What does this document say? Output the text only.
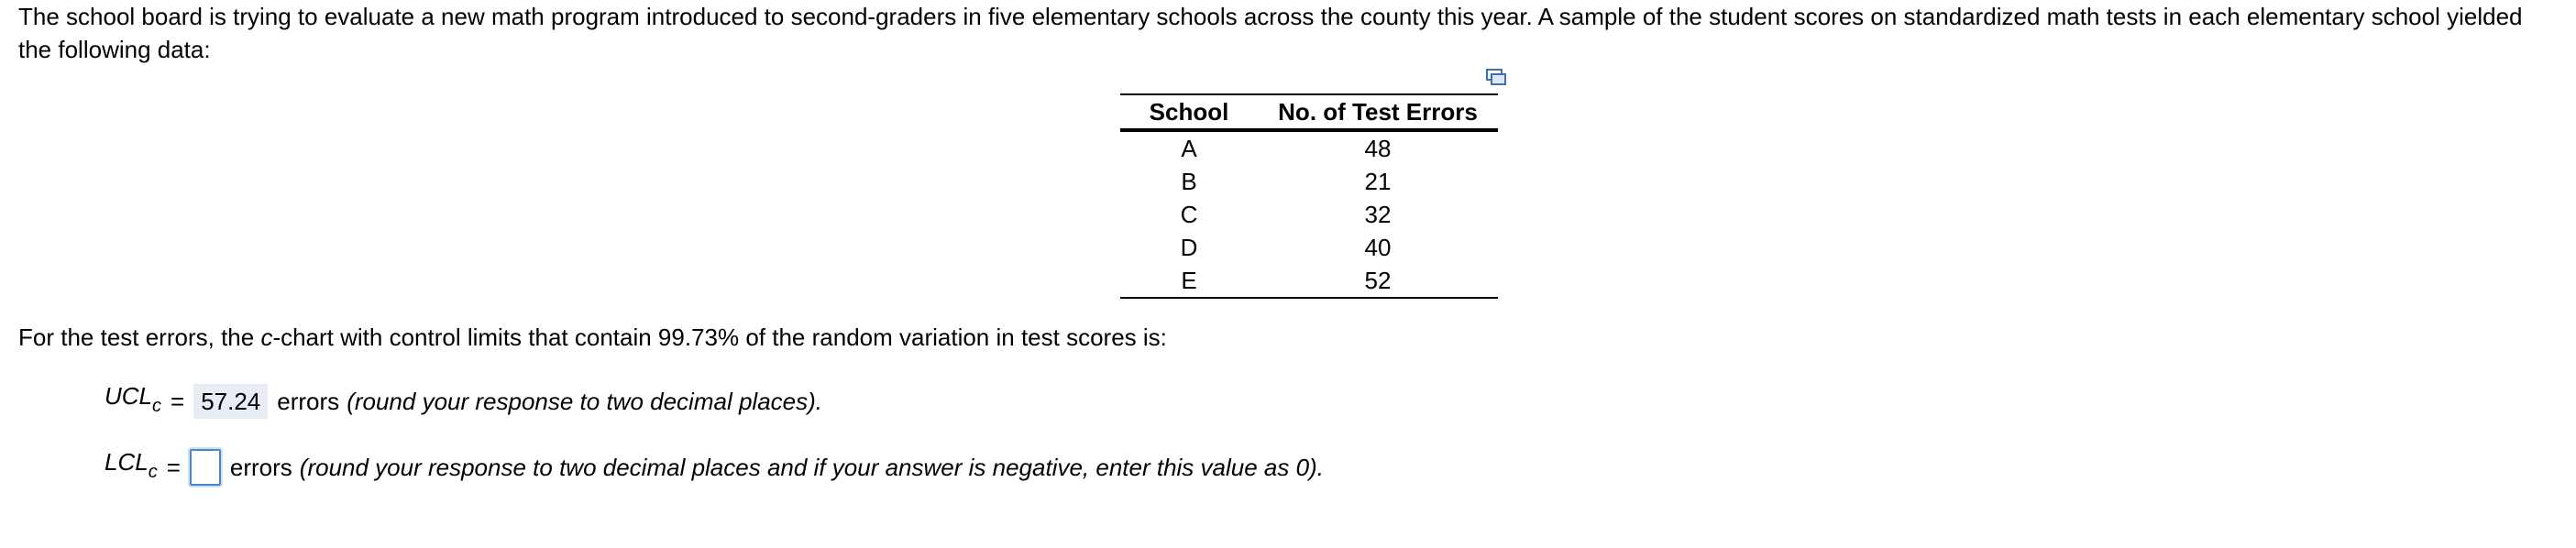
The school board is trying to evaluate a new math program introduced to second-graders in five elementary schools across the county this year. A sample of the student scores on standardized math tests in each elementary school yielded the following data:
School	No. of Test Errors
A	48
B	21
C	32
D	40
E	52
For the test errors, the c-chart with control limits that contain 99.73% of the random variation in test scores is:
$UCL_c = 57.24$ errors (round your response to two decimal places).
$LCL_c$ = errors (round your response to two decimal places and if your answer is negative, enter this value as 0).
